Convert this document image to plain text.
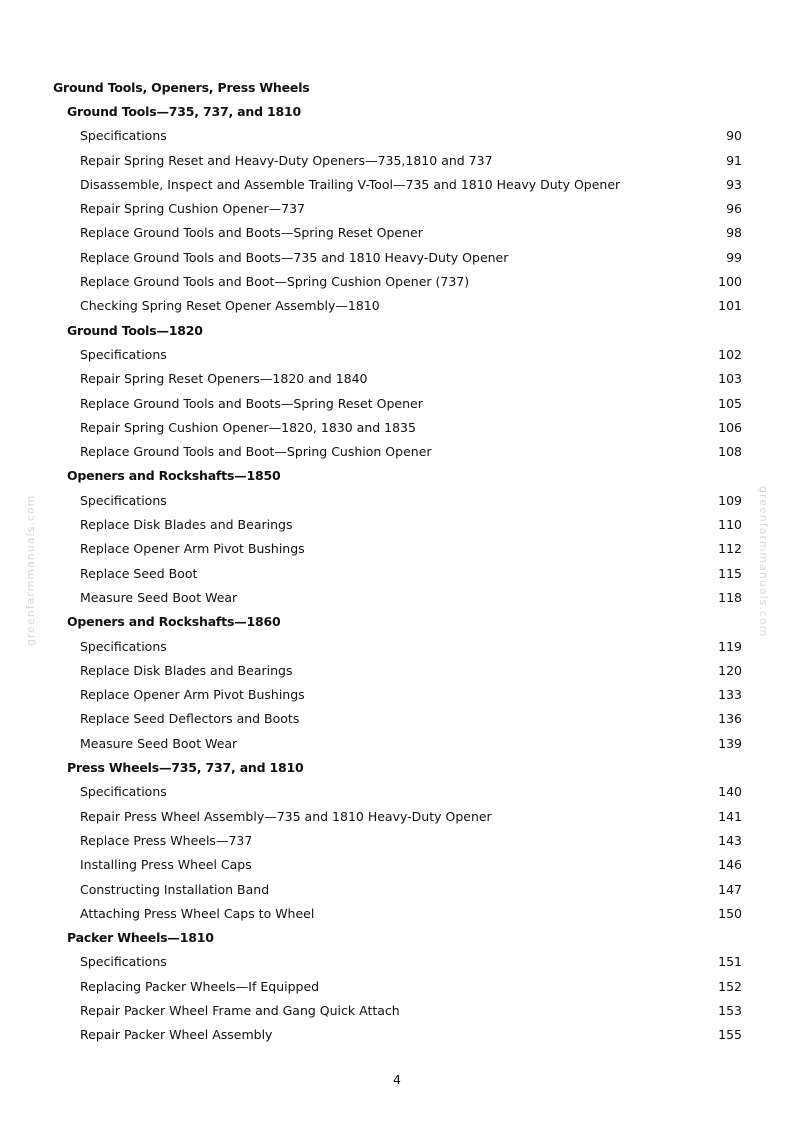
greenfarmmanuals.com	greenfarmmanuals.com
Ground Tools, Openers, Press Wheels
Ground Tools—735, 737, and 1810
Specifications	90
Repair Spring Reset and Heavy-Duty Openers—735,1810 and 737	91
Disassemble, Inspect and Assemble Trailing V-Tool—735 and 1810 Heavy Duty Opener	93
Repair Spring Cushion Opener—737	96
Replace Ground Tools and Boots—Spring Reset Opener	98
Replace Ground Tools and Boots—735 and 1810 Heavy-Duty Opener	99
Replace Ground Tools and Boot—Spring Cushion Opener (737)	100
Checking Spring Reset Opener Assembly—1810	101
Ground Tools—1820
Specifications	102
Repair Spring Reset Openers—1820 and 1840	103
Replace Ground Tools and Boots—Spring Reset Opener	105
Repair Spring Cushion Opener—1820, 1830 and 1835	106
Replace Ground Tools and Boot—Spring Cushion Opener	108
Openers and Rockshafts—1850
Specifications	109
Replace Disk Blades and Bearings	110
Replace Opener Arm Pivot Bushings	112
Replace Seed Boot	115
Measure Seed Boot Wear	118
Openers and Rockshafts—1860
Specifications	119
Replace Disk Blades and Bearings	120
Replace Opener Arm Pivot Bushings	133
Replace Seed Deflectors and Boots	136
Measure Seed Boot Wear	139
Press Wheels—735, 737, and 1810
Specifications	140
Repair Press Wheel Assembly—735 and 1810 Heavy-Duty Opener	141
Replace Press Wheels—737	143
Installing Press Wheel Caps	146
Constructing Installation Band	147
Attaching Press Wheel Caps to Wheel	150
Packer Wheels—1810
Specifications	151
Replacing Packer Wheels—If Equipped	152
Repair Packer Wheel Frame and Gang Quick Attach	153
Repair Packer Wheel Assembly	155
4
